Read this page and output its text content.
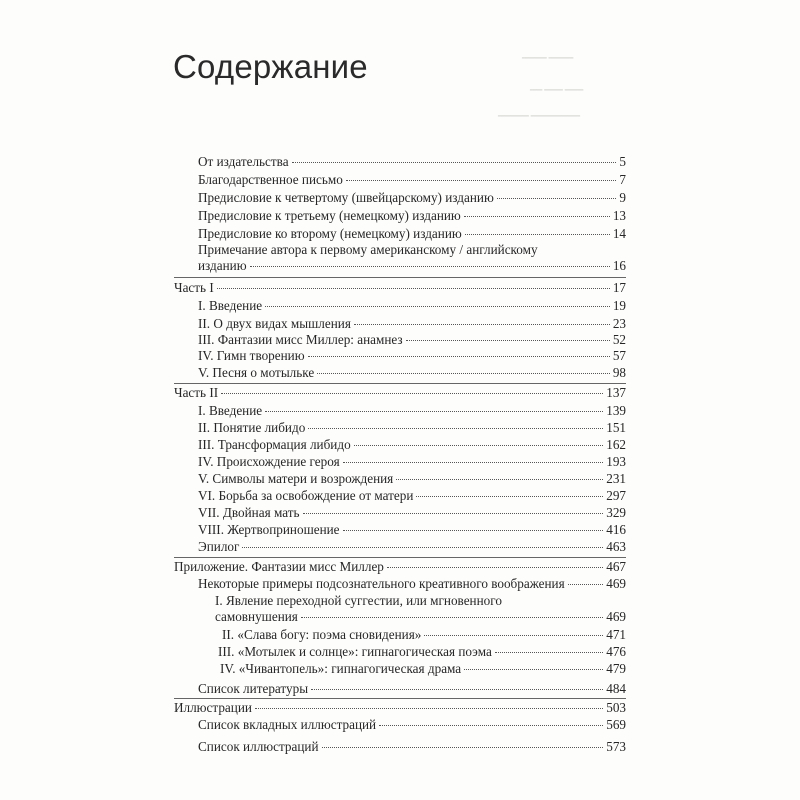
▔▔▔▔ ▔▔▔▔
▔▔ ▔▔▔ ▔▔▔
▔▔▔▔▔ ▔▔▔▔▔▔▔▔
Содержание
От издательства	5
Благодарственное письмо	7
Предисловие к четвертому (швейцарскому) изданию	9
Предисловие к третьему (немецкому) изданию	13
Предисловие ко второму (немецкому) изданию	14
Примечание автора к первому американскому / английскому
изданию	16
Часть I	17
I. Введение	19
II. О двух видах мышления	23
III. Фантазии мисс Миллер: анамнез	52
IV. Гимн творению	57
V. Песня о мотыльке	98
Часть II	137
I. Введение	139
II. Понятие либидо	151
III. Трансформация либидо	162
IV. Происхождение героя	193
V. Символы матери и возрождения	231
VI. Борьба за освобождение от матери	297
VII. Двойная мать	329
VIII. Жертвоприношение	416
Эпилог	463
Приложение. Фантазии мисс Миллер	467
Некоторые примеры подсознательного креативного воображения	469
I. Явление переходной суггестии, или мгновенного
самовнушения	469
II. «Слава богу: поэма сновидения»	471
III. «Мотылек и солнце»: гипнагогическая поэма	476
IV. «Чивантопель»: гипнагогическая драма	479
Список литературы	484
Иллюстрации	503
Список вкладных иллюстраций	569
Список иллюстраций	573
